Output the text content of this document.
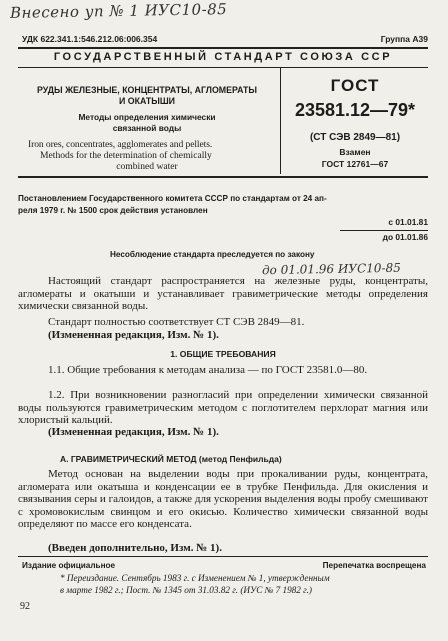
Внесено уп № 1 ИУС10-85
УДК 622.341.1:546.212.06:006.354	Группа А39
ГОСУДАРСТВЕННЫЙ СТАНДАРТ СОЮЗА ССР
РУДЫ ЖЕЛЕЗНЫЕ, КОНЦЕНТРАТЫ, АГЛОМЕРАТЫ
И ОКАТЫШИ
Методы определения химически
связанной воды
Iron ores, concentrates, agglomerates and pellets.
Methods for the determination of chemically
combined water
ГОСТ
23581.12—79*
(СТ СЭВ 2849—81)
Взамен
ГОСТ 12761—67
Постановлением Государственного комитета СССР по стандартам от 24 ап-
реля 1979 г. № 1500 срок действия установлен
с 01.01.81
до 01.01.86
Несоблюдение стандарта преследуется по закону
до 01.01.96 ИУС10-85
Настоящий стандарт распространяется на железные руды, концентраты, агломераты и окатыши и устанавливает гравиметрические методы определения химически связанной воды.
Стандарт полностью соответствует СТ СЭВ 2849—81.
(Измененная редакция, Изм. № 1).
1. ОБЩИЕ ТРЕБОВАНИЯ
1.1. Общие требования к методам анализа — по ГОСТ 23581.0—80.
1.2. При возникновении разногласий при определении химически связанной воды пользуются гравиметрическим методом с поглотителем перхлорат магния или хлористый кальций.
(Измененная редакция, Изм. № 1).
А. ГРАВИМЕТРИЧЕСКИЙ МЕТОД (метод Пенфильда)
Метод основан на выделении воды при прокаливании руды, концентрата, агломерата или окатыша и конденсации ее в трубке Пенфильда. Для окисления и связывания серы и галоидов, а также для ускорения выделения воды пробу смешивают с хромовокислым свинцом и его окисью. Количество химически связанной воды определяют по массе его конденсата.
(Введен дополнительно, Изм. № 1).
Издание официальное	Перепечатка воспрещена
* Переиздание. Сентябрь 1983 г. с Изменением № 1, утвержденным
в марте 1982 г.; Пост. № 1345 от 31.03.82 г. (ИУС № 7 1982 г.)
92
